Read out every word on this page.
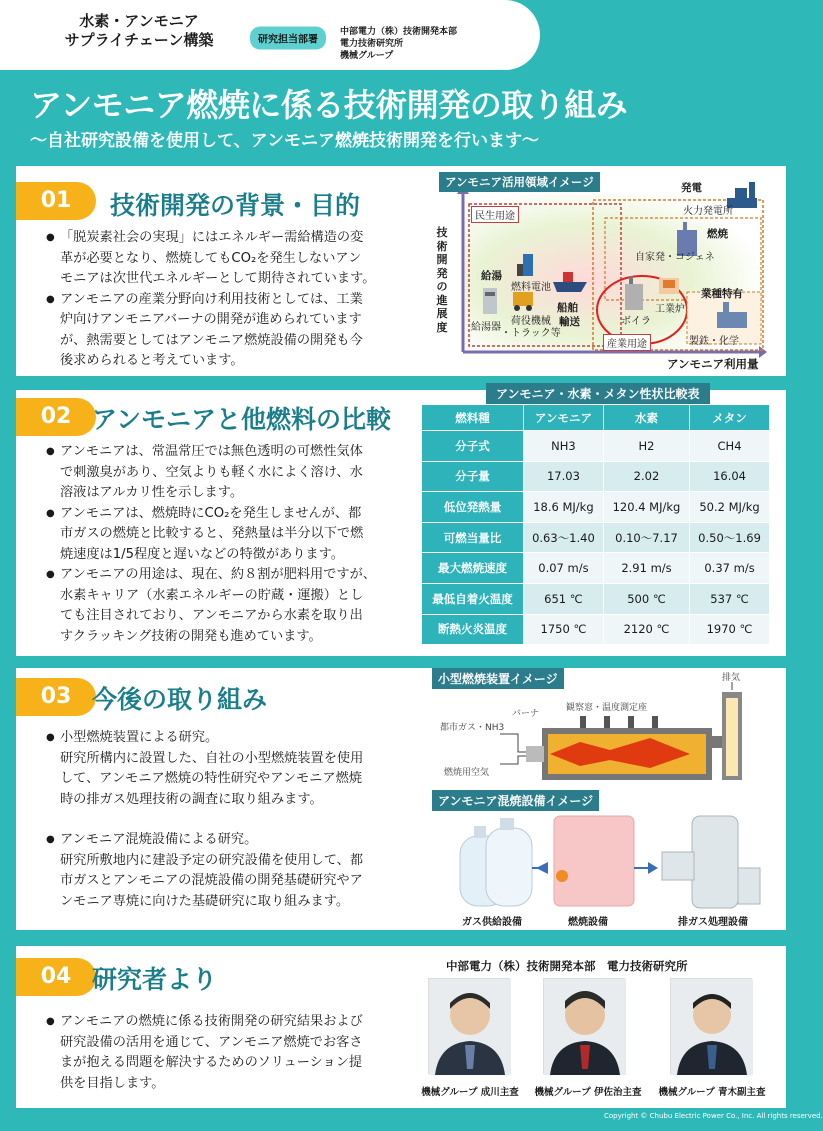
水素・アンモニア
サプライチェーン構築	研究担当部署
中部電力（株）技術開発本部
電力技術研究所
機械グループ
アンモニア燃焼に係る技術開発の取り組み
～自社研究設備を使用して、アンモニア燃焼技術開発を行います～
01	技術開発の背景・目的
● 「脱炭素社会の実現」にはエネルギー需給構造の変
革が必要となり、燃焼してもCO₂を発生しないアン
モニアは次世代エネルギーとして期待されています。
● アンモニアの産業分野向け利用技術としては、工業
炉向けアンモニアバーナの開発が進められています
が、熱需要としてはアンモニア燃焼設備の開発も今
後求められると考えています。
アンモニア活用領域イメージ
技
術
開
発
の
進
展
度
アンモニア利用量
民生用途
産業用途
発電
火力発電所
燃焼
自家発・コジェネ
業種特有
製鉄・化学
給湯
給湯器
燃料電池
船舶
輸送
荷役機械
・トラック等
ボイラ
工業炉
02 アンモニアと他燃料の比較
● アンモニアは、常温常圧では無色透明の可燃性気体
で刺激臭があり、空気よりも軽く水によく溶け、水
溶液はアルカリ性を示します。
● アンモニアは、燃焼時にCO₂を発生しませんが、都
市ガスの燃焼と比較すると、発熱量は半分以下で燃
焼速度は1/5程度と遅いなどの特徴があります。
● アンモニアの用途は、現在、約８割が肥料用ですが、
水素キャリア（水素エネルギーの貯蔵・運搬）とし
ても注目されており、アンモニアから水素を取り出
すクラッキング技術の開発も進めています。
アンモニア・水素・メタン性状比較表
燃料種	アンモニア	水素	メタン
分子式	NH3	H2	CH4
分子量	17.03	2.02	16.04
低位発熱量	18.6 MJ/kg	120.4 MJ/kg	50.2 MJ/kg
可燃当量比	0.63～1.40	0.10～7.17	0.50～1.69
最大燃焼速度	0.07 m/s	2.91 m/s	0.37 m/s
最低自着火温度	651 ℃	500 ℃	537 ℃
断熱火炎温度	1750 ℃	2120 ℃	1970 ℃
03 今後の取り組み
● 小型燃焼装置による研究。
研究所構内に設置した、自社の小型燃焼装置を使用
して、アンモニア燃焼の特性研究やアンモニア燃焼
時の排ガス処理技術の調査に取り組みます。
● アンモニア混焼設備による研究。
研究所敷地内に建設予定の研究設備を使用して、都
市ガスとアンモニアの混焼設備の開発基礎研究やア
ンモニア専焼に向けた基礎研究に取り組みます。
小型燃焼装置イメージ	排気
バーナ
観察窓・温度測定座
都市ガス・NH3
燃焼用空気
アンモニア混焼設備イメージ
ガス供給設備	燃焼設備	排ガス処理設備
04 研究者より
● アンモニアの燃焼に係る技術開発の研究結果および
研究設備の活用を通じて、アンモニア燃焼でお客さ
まが抱える問題を解決するためのソリューション提
供を目指します。
中部電力（株）技術開発本部　電力技術研究所
機械グループ 成川主査	機械グループ 伊佐治主査	機械グループ 青木副主査
Copyright © Chubu Electric Power Co., Inc. All rights reserved.
